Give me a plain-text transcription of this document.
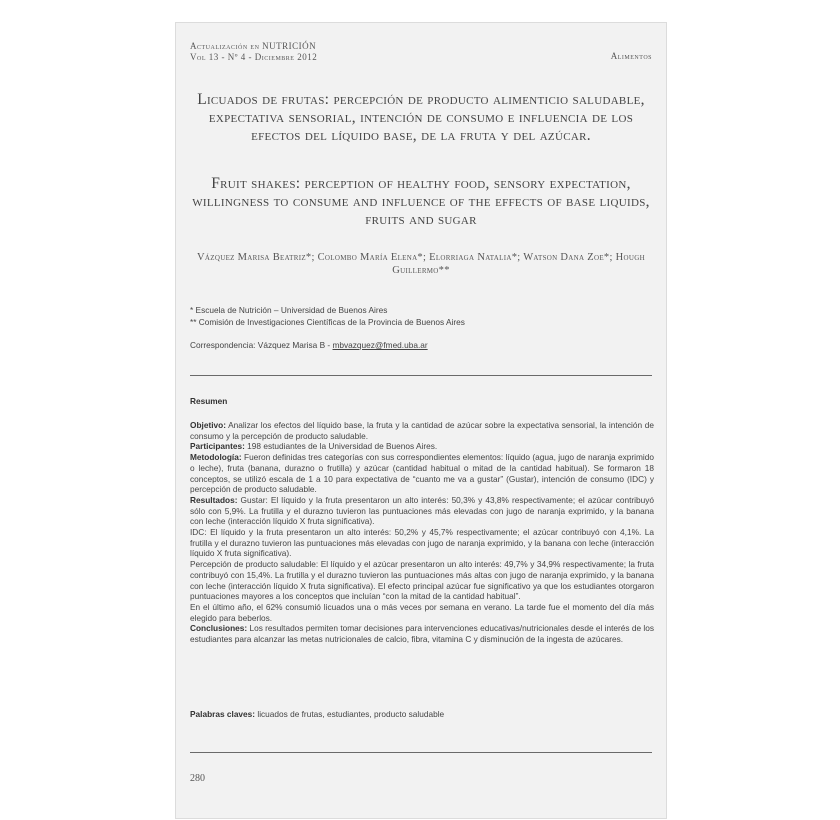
Actualización en NUTRICIÓN
Vol 13 - Nº 4 - Diciembre 2012	Alimentos
Licuados de frutas: percepción de producto alimenticio saludable, expectativa sensorial, intención de consumo e influencia de los efectos del líquido base, de la fruta y del azúcar.
Fruit shakes: perception of healthy food, sensory expectation, willingness to consume and influence of the effects of base liquids, fruits and sugar
Vázquez Marisa Beatriz*; Colombo María Elena*; Elorriaga Natalia*; Watson Dana Zoe*; Hough Guillermo**
* Escuela de Nutrición – Universidad de Buenos Aires
** Comisión de Investigaciones Científicas de la Provincia de Buenos Aires
Correspondencia: Vázquez Marisa B - mbvazquez@fmed.uba.ar
Resumen

Objetivo: Analizar los efectos del líquido base, la fruta y la cantidad de azúcar sobre la expectativa sensorial, la intención de consumo y la percepción de producto saludable.

Participantes: 198 estudiantes de la Universidad de Buenos Aires.

Metodología: Fueron definidas tres categorías con sus correspondientes elementos: líquido (agua, jugo de naranja exprimido o leche), fruta (banana, durazno o frutilla) y azúcar (cantidad habitual o mitad de la cantidad habitual). Se formaron 18 conceptos, se utilizó escala de 1 a 10 para expectativa de “cuanto me va a gustar” (Gustar), intención de consumo (IDC) y percepción de producto saludable.

Resultados: Gustar: El líquido y la fruta presentaron un alto interés: 50,3% y 43,8% respectivamente; el azúcar contribuyó sólo con 5,9%. La frutilla y el durazno tuvieron las puntuaciones más elevadas con jugo de naranja exprimido, y la banana con leche (interacción líquido X fruta significativa).

IDC: El líquido y la fruta presentaron un alto interés: 50,2% y 45,7% respectivamente; el azúcar contribuyó con 4,1%. La frutilla y el durazno tuvieron las puntuaciones más elevadas con jugo de naranja exprimido, y la banana con leche (interacción líquido X fruta significativa).

Percepción de producto saludable: El líquido y el azúcar presentaron un alto interés: 49,7% y 34,9% respectivamente; la fruta contribuyó con 15,4%. La frutilla y el durazno tuvieron las puntuaciones más altas con jugo de naranja exprimido, y la banana con leche (interacción líquido X fruta significativa). El efecto principal azúcar fue significativo ya que los estudiantes otorgaron puntuaciones mayores a los conceptos que incluían “con la mitad de la cantidad habitual”.

En el último año, el 62% consumió licuados una o más veces por semana en verano. La tarde fue el momento del día más elegido para beberlos.

Conclusiones: Los resultados permiten tomar decisiones para intervenciones educativas/nutricionales desde el interés de los estudiantes para alcanzar las metas nutricionales de calcio, fibra, vitamina C y disminución de la ingesta de azúcares.

Palabras claves: licuados de frutas, estudiantes, producto saludable
280
